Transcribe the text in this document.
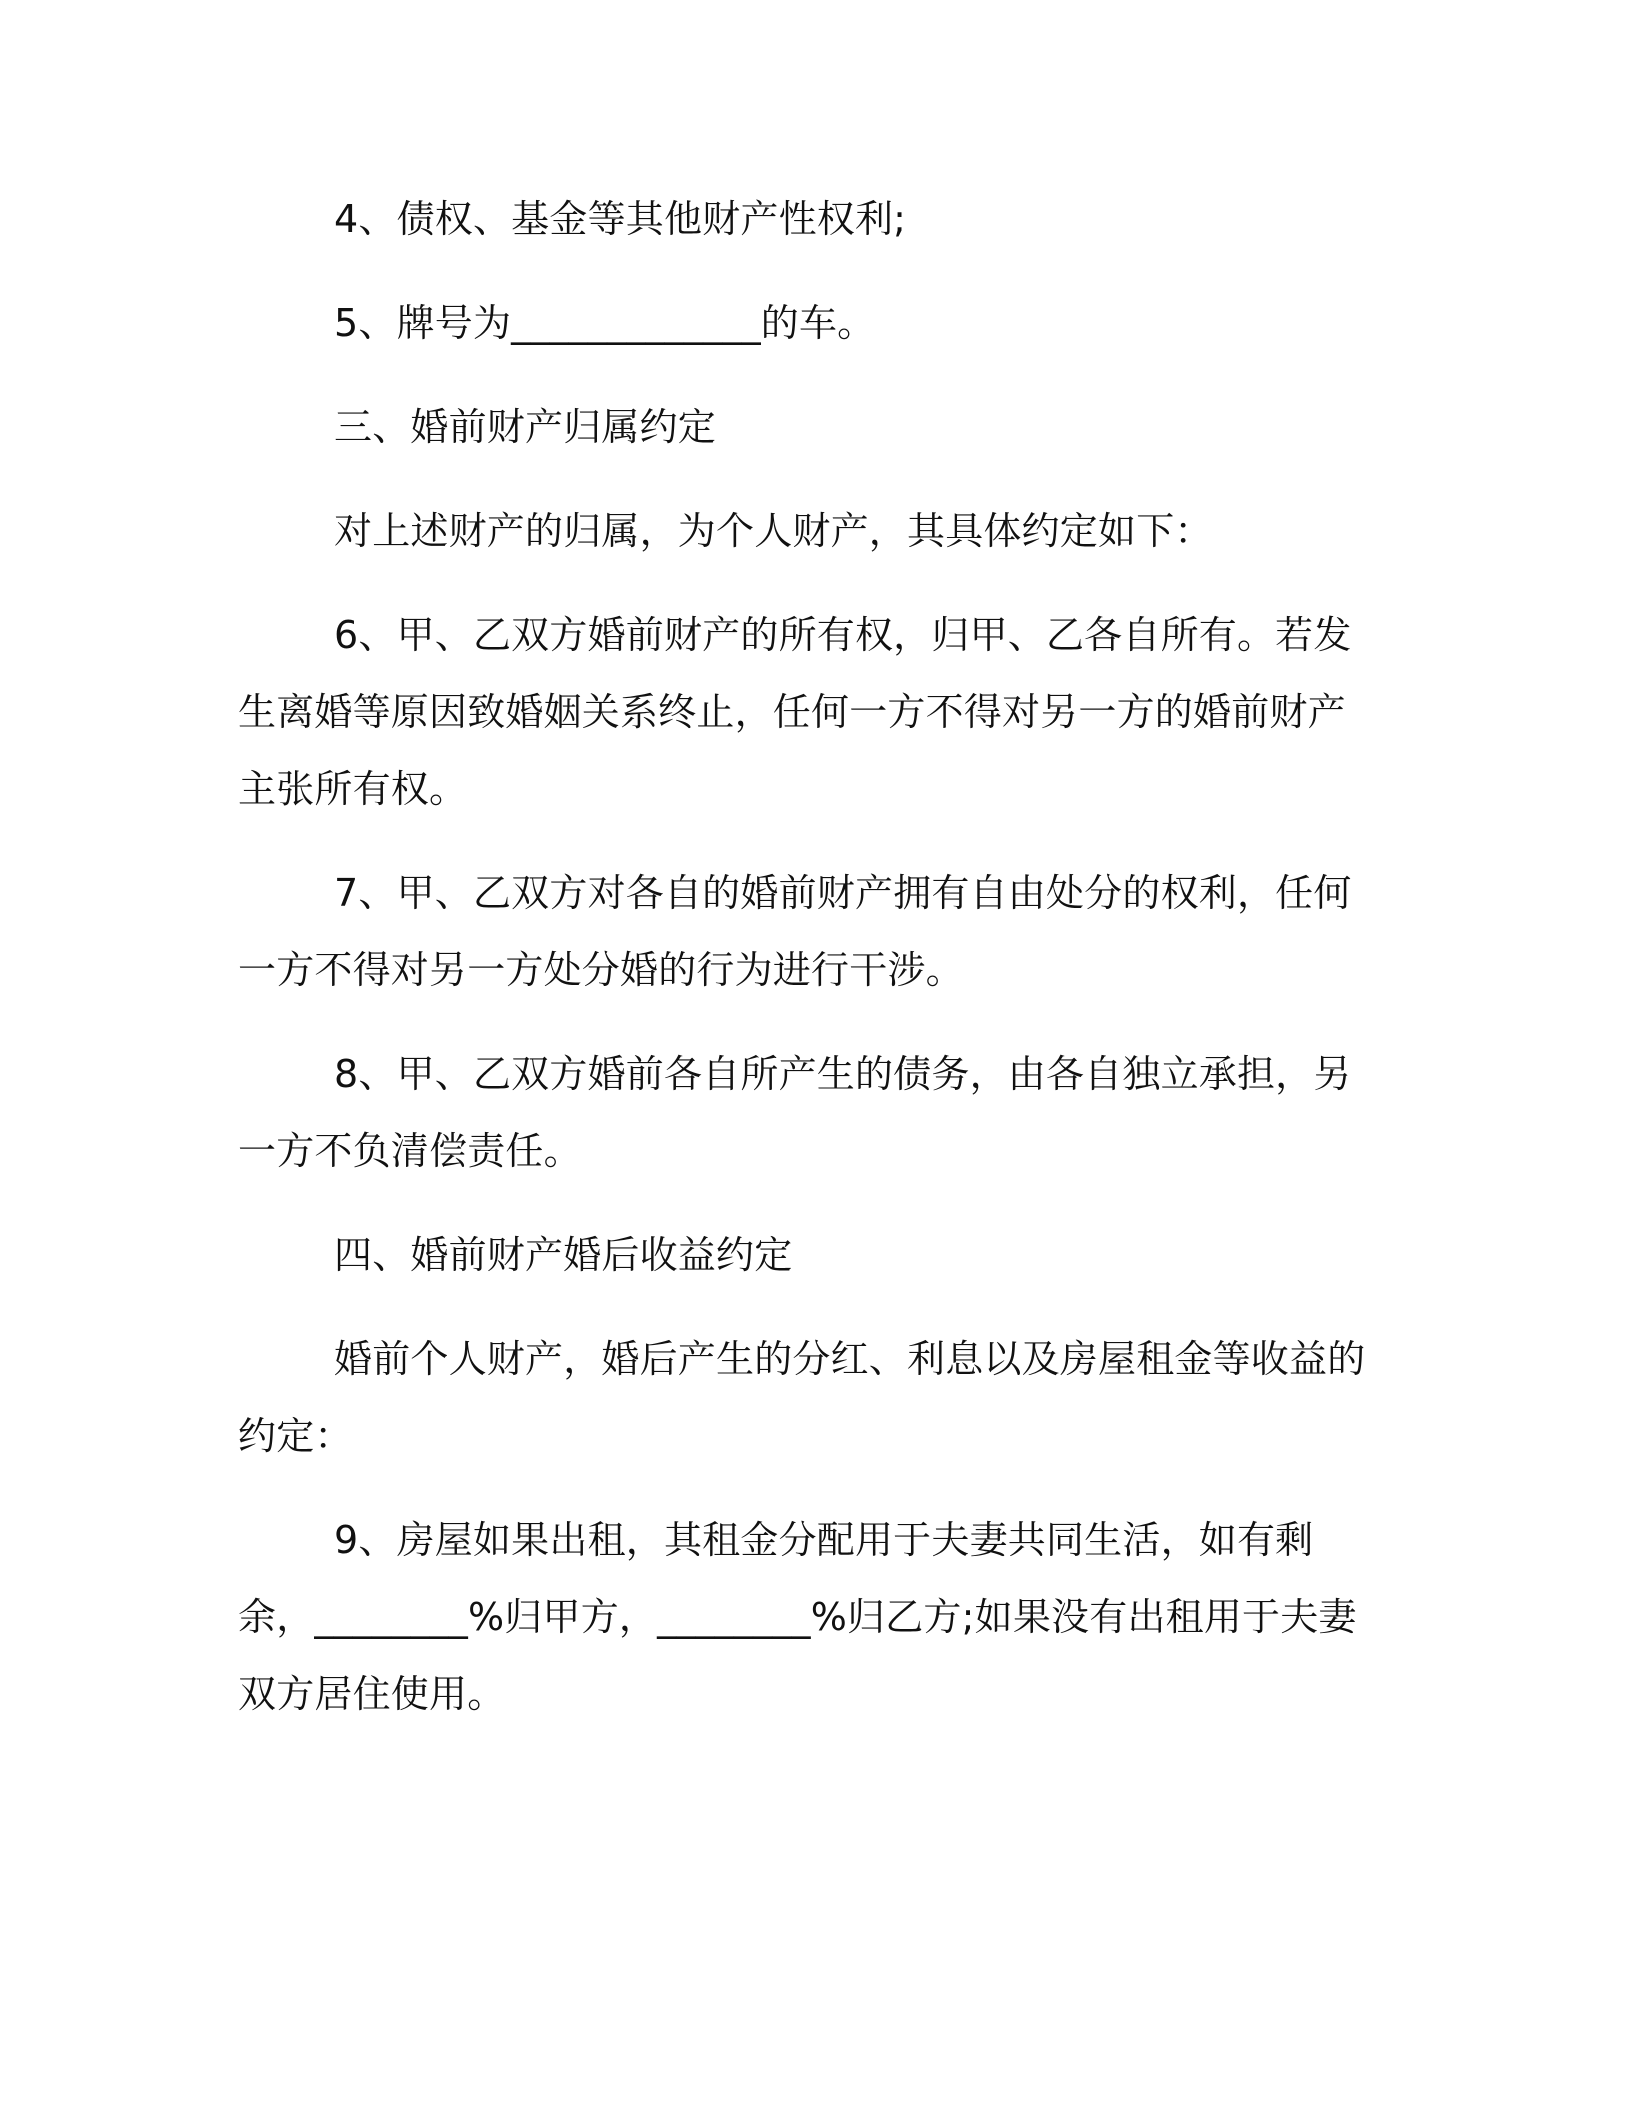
4、债权、基金等其他财产性权利;

5、牌号为_____________的车。

三、婚前财产归属约定

对上述财产的归属，为个人财产，其具体约定如下：

6、甲、乙双方婚前财产的所有权，归甲、乙各自所有。若发生离婚等原因致婚姻关系终止，任何一方不得对另一方的婚前财产主张所有权。

7、甲、乙双方对各自的婚前财产拥有自由处分的权利，任何一方不得对另一方处分婚的行为进行干涉。

8、甲、乙双方婚前各自所产生的债务，由各自独立承担，另一方不负清偿责任。

四、婚前财产婚后收益约定

婚前个人财产，婚后产生的分红、利息以及房屋租金等收益的约定：

9、房屋如果出租，其租金分配用于夫妻共同生活，如有剩余，________%归甲方，________%归乙方;如果没有出租用于夫妻双方居住使用。
